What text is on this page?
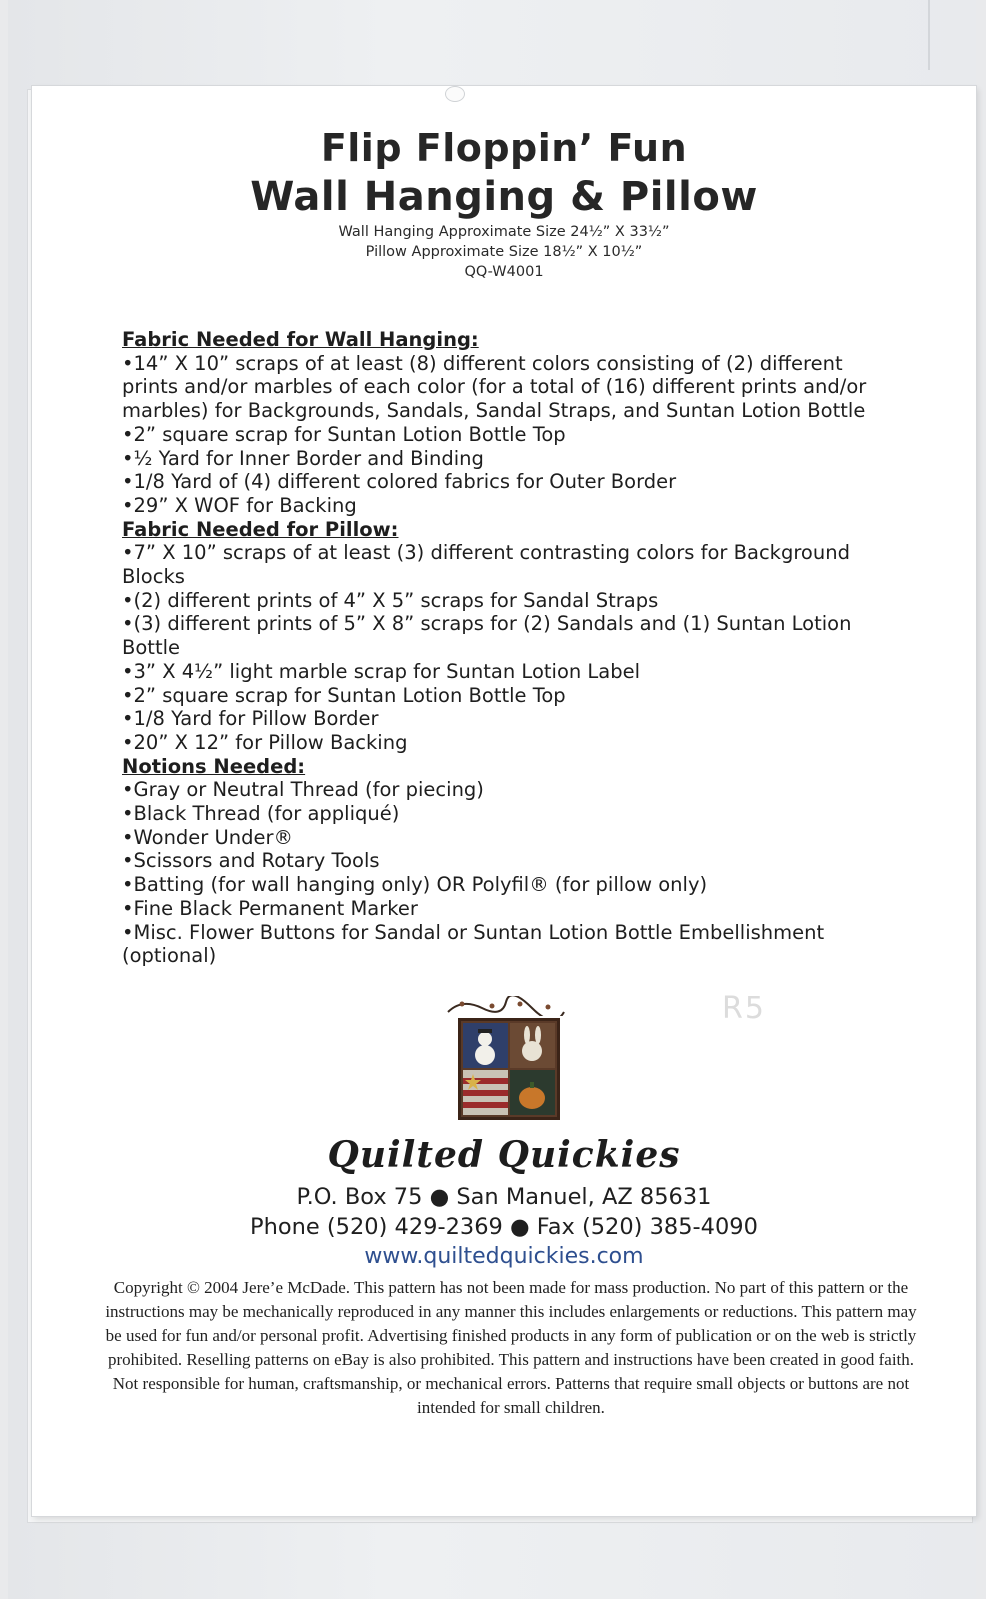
Flip Floppin’ Fun
Wall Hanging & Pillow
Wall Hanging Approximate Size 24½” X 33½”
Pillow Approximate Size 18½” X 10½”
QQ-W4001
Fabric Needed for Wall Hanging:
•14” X 10” scraps of at least (8) different colors consisting of (2) different
prints and/or marbles of each color (for a total of (16) different prints and/or
marbles) for Backgrounds, Sandals, Sandal Straps, and Suntan Lotion Bottle
•2” square scrap for Suntan Lotion Bottle Top
•½ Yard for Inner Border and Binding
•1/8 Yard of (4) different colored fabrics for Outer Border
•29” X WOF for Backing
Fabric Needed for Pillow:
•7” X 10” scraps of at least (3) different contrasting colors for Background
Blocks
•(2) different prints of 4” X 5” scraps for Sandal Straps
•(3) different prints of 5” X 8” scraps for (2) Sandals and (1) Suntan Lotion
Bottle
•3” X 4½” light marble scrap for Suntan Lotion Label
•2” square scrap for Suntan Lotion Bottle Top
•1/8 Yard for Pillow Border
•20” X 12” for Pillow Backing
Notions Needed:
•Gray or Neutral Thread (for piecing)
•Black Thread (for appliqué)
•Wonder Under®
•Scissors and Rotary Tools
•Batting (for wall hanging only) OR Polyfil® (for pillow only)
•Fine Black Permanent Marker
•Misc. Flower Buttons for Sandal or Suntan Lotion Bottle Embellishment
(optional)
R5
Quilted Quickies
P.O. Box 75 ● San Manuel, AZ 85631
Phone (520) 429-2369 ● Fax (520) 385-4090
www.quiltedquickies.com
Copyright © 2004 Jere’e McDade. This pattern has not been made for mass production. No part of this pattern or the instructions may be mechanically reproduced in any manner this includes enlargements or reductions. This pattern may be used for fun and/or personal profit. Advertising finished products in any form of publication or on the web is strictly prohibited. Reselling patterns on eBay is also prohibited. This pattern and instructions have been created in good faith. Not responsible for human, craftsmanship, or mechanical errors. Patterns that require small objects or buttons are not intended for small children.
